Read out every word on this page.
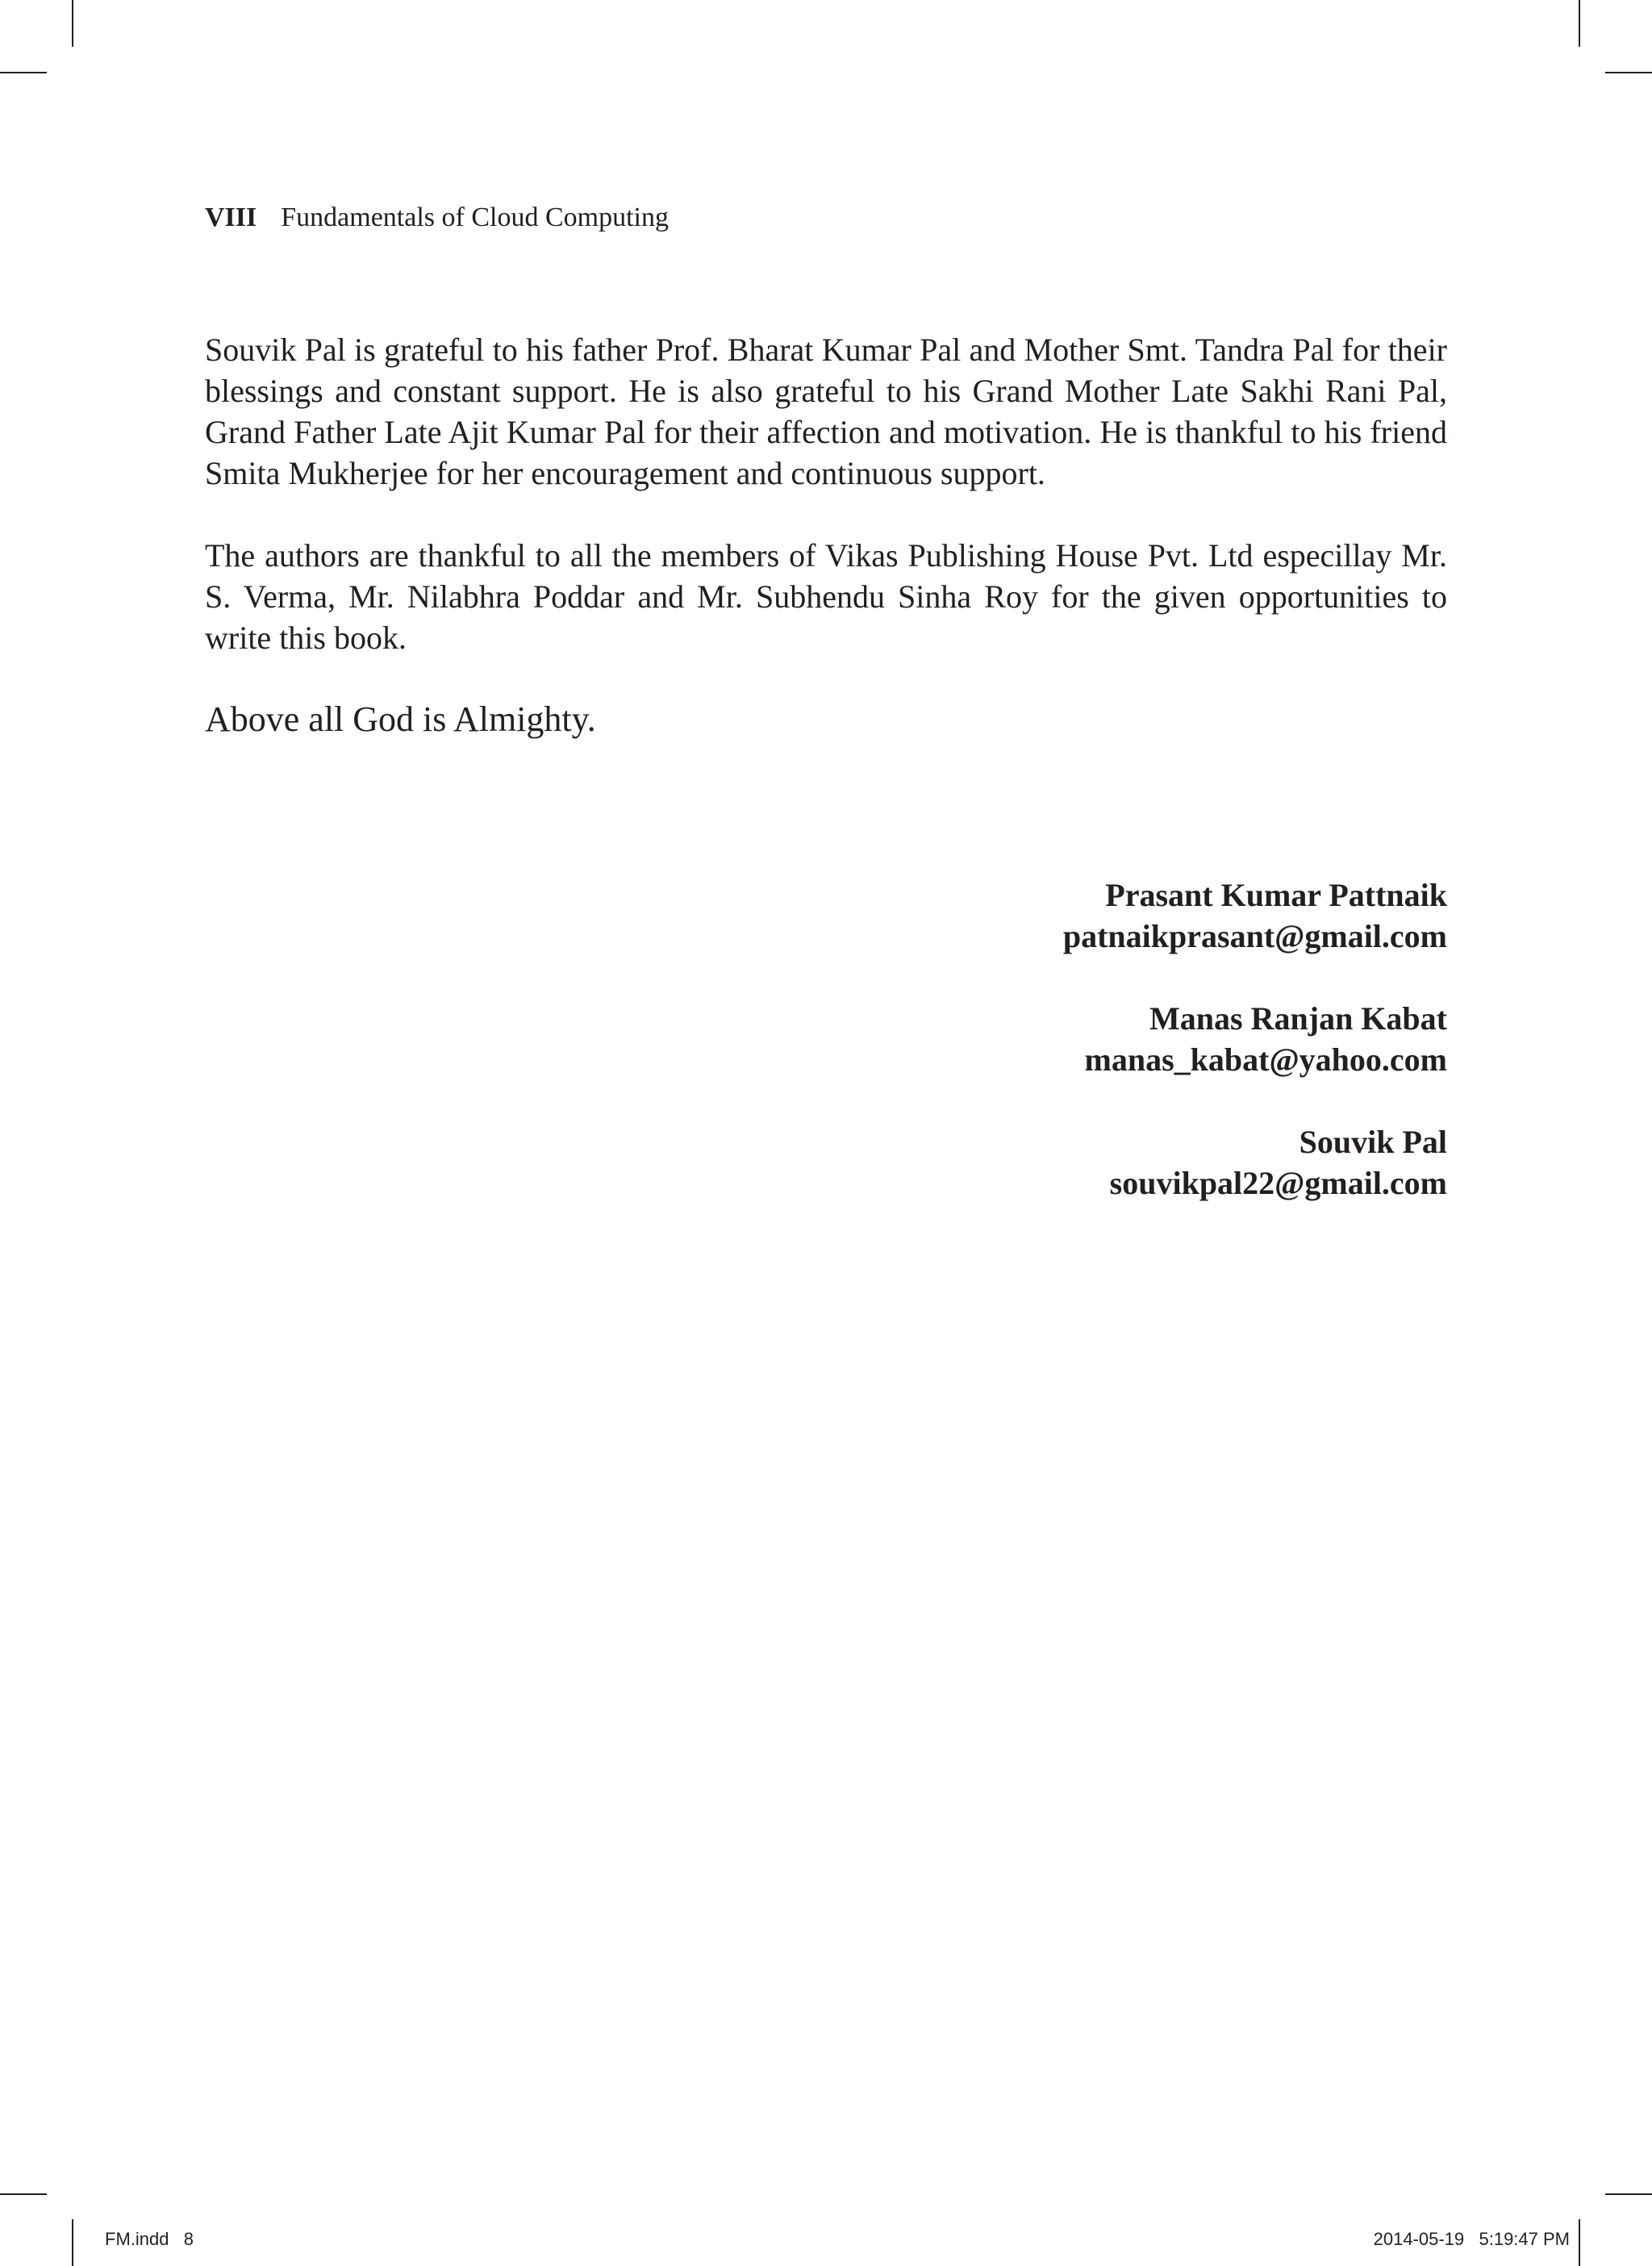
VIII Fundamentals of Cloud Computing

Souvik Pal is grateful to his father Prof. Bharat Kumar Pal and Mother Smt. Tandra Pal for their blessings and constant support. He is also grateful to his Grand Mother Late Sakhi Rani Pal, Grand Father Late Ajit Kumar Pal for their affection and motivation. He is thankful to his friend Smita Mukherjee for her encouragement and continuous support.

The authors are thankful to all the members of Vikas Publishing House Pvt. Ltd especillay Mr. S. Verma, Mr. Nilabhra Poddar and Mr. Subhendu Sinha Roy for the given opportunities to write this book.

Above all God is Almighty.

Prasant Kumar Pattnaik
patnaikprasant@gmail.com
Manas Ranjan Kabat
manas_kabat@yahoo.com
Souvik Pal
souvikpal22@gmail.com
FM.indd   8	2014-05-19   5:19:47 PM
